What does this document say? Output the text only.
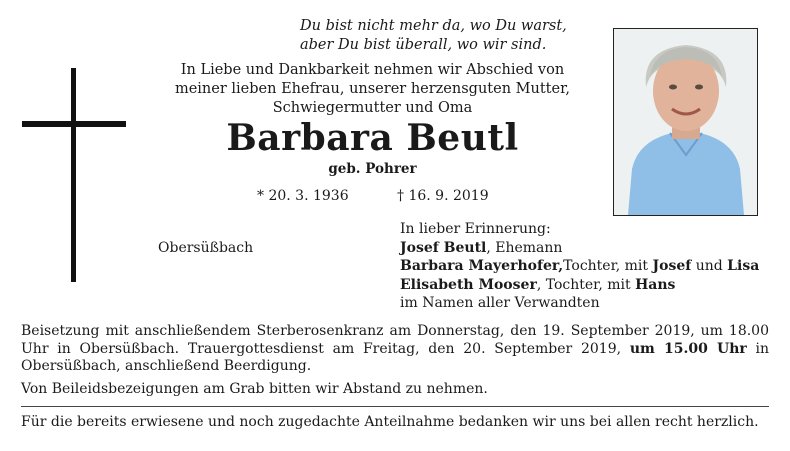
Du bist nicht mehr da, wo Du warst,
aber Du bist überall, wo wir sind.
In Liebe und Dankbarkeit nehmen wir Abschied von
meiner lieben Ehefrau, unserer herzensguten Mutter,
Schwiegermutter und Oma
Barbara Beutl
geb. Pohrer
* 20. 3. 1936	† 16. 9. 2019
In lieber Erinnerung:
Josef Beutl, Ehemann
Barbara Mayerhofer,Tochter, mit Josef und Lisa
Elisabeth Mooser, Tochter, mit Hans
im Namen aller Verwandten
Obersüßbach
Beisetzung mit anschließendem Sterberosenkranz am Donnerstag, den 19. September 2019, um 18.00 Uhr in Obersüßbach. Trauergottesdienst am Freitag, den 20. September 2019, um 15.00 Uhr in Obersüßbach, anschließend Beerdigung.
Von Beileidsbezeigungen am Grab bitten wir Abstand zu nehmen.
Für die bereits erwiesene und noch zugedachte Anteilnahme bedanken wir uns bei allen recht herzlich.
